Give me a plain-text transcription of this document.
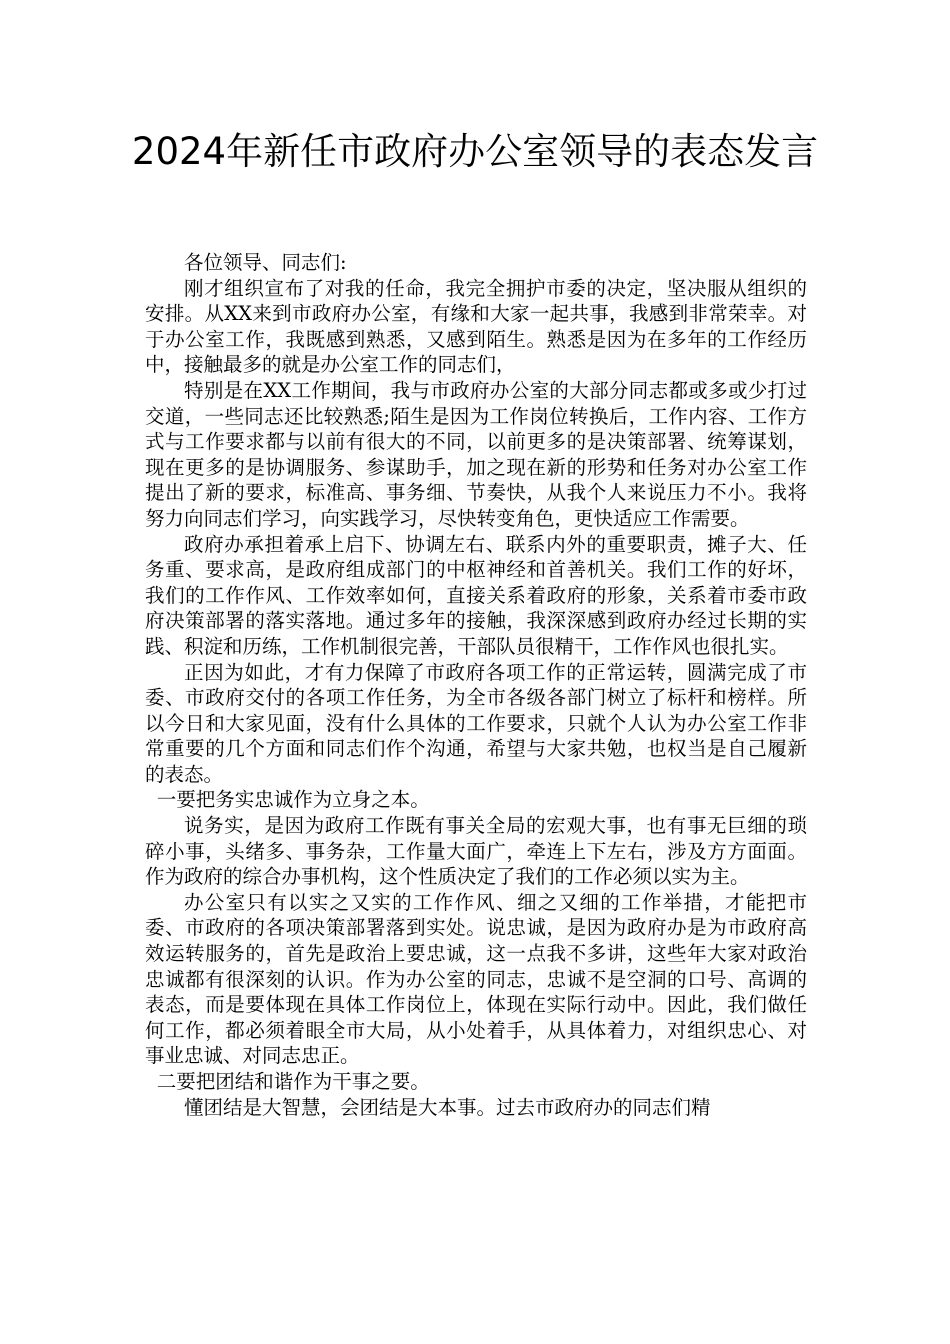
2024年新任市政府办公室领导的表态发言

各位领导、同志们:

刚才组织宣布了对我的任命，我完全拥护市委的决定，坚决服从组织的安排。从XX来到市政府办公室，有缘和大家一起共事，我感到非常荣幸。对于办公室工作，我既感到熟悉，又感到陌生。熟悉是因为在多年的工作经历中，接触最多的就是办公室工作的同志们，

特别是在XX工作期间，我与市政府办公室的大部分同志都或多或少打过交道，一些同志还比较熟悉;陌生是因为工作岗位转换后，工作内容、工作方式与工作要求都与以前有很大的不同，以前更多的是决策部署、统筹谋划，现在更多的是协调服务、参谋助手，加之现在新的形势和任务对办公室工作提出了新的要求，标准高、事务细、节奏快，从我个人来说压力不小。我将努力向同志们学习，向实践学习，尽快转变角色，更快适应工作需要。

政府办承担着承上启下、协调左右、联系内外的重要职责，摊子大、任务重、要求高，是政府组成部门的中枢神经和首善机关。我们工作的好坏，我们的工作作风、工作效率如何，直接关系着政府的形象，关系着市委市政府决策部署的落实落地。通过多年的接触，我深深感到政府办经过长期的实践、积淀和历练，工作机制很完善，干部队员很精干，工作作风也很扎实。

正因为如此，才有力保障了市政府各项工作的正常运转，圆满完成了市委、市政府交付的各项工作任务，为全市各级各部门树立了标杆和榜样。所以今日和大家见面，没有什么具体的工作要求，只就个人认为办公室工作非常重要的几个方面和同志们作个沟通，希望与大家共勉，也权当是自己履新的表态。

一要把务实忠诚作为立身之本。

说务实，是因为政府工作既有事关全局的宏观大事，也有事无巨细的琐碎小事，头绪多、事务杂，工作量大面广，牵连上下左右，涉及方方面面。作为政府的综合办事机构，这个性质决定了我们的工作必须以实为主。

办公室只有以实之又实的工作作风、细之又细的工作举措，才能把市委、市政府的各项决策部署落到实处。说忠诚，是因为政府办是为市政府高效运转服务的，首先是政治上要忠诚，这一点我不多讲，这些年大家对政治忠诚都有很深刻的认识。作为办公室的同志，忠诚不是空洞的口号、高调的表态，而是要体现在具体工作岗位上，体现在实际行动中。因此，我们做任何工作，都必须着眼全市大局，从小处着手，从具体着力，对组织忠心、对事业忠诚、对同志忠正。

二要把团结和谐作为干事之要。

懂团结是大智慧，会团结是大本事。过去市政府办的同志们精
